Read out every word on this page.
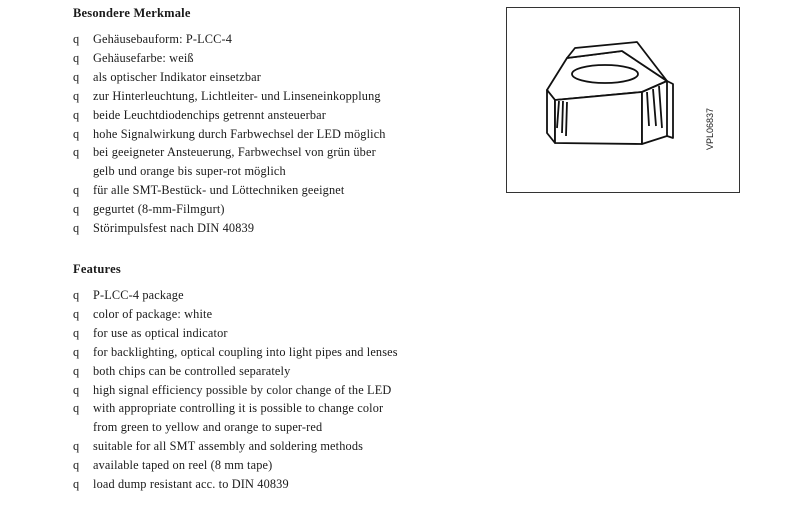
Besondere Merkmale
q Gehäusebauform: P-LCC-4
q Gehäusefarbe: weiß
q als optischer Indikator einsetzbar
q zur Hinterleuchtung, Lichtleiter- und Linseneinkopplung
q beide Leuchtdiodenchips getrennt ansteuerbar
q hohe Signalwirkung durch Farbwechsel der LED möglich
q bei geeigneter Ansteuerung, Farbwechsel von grün über
gelb und orange bis super-rot möglich
q für alle SMT-Bestück- und Löttechniken geeignet
q gegurtet (8-mm-Filmgurt)
q Störimpulsfest nach DIN 40839
Features
q P-LCC-4 package
q color of package: white
q for use as optical indicator
q for backlighting, optical coupling into light pipes and lenses
q both chips can be controlled separately
q high signal efficiency possible by color change of the LED
q with appropriate controlling it is possible to change color
from green to yellow and orange to super-red
q suitable for all SMT assembly and soldering methods
q available taped on reel (8 mm tape)
q load dump resistant acc. to DIN 40839
VPL06837
